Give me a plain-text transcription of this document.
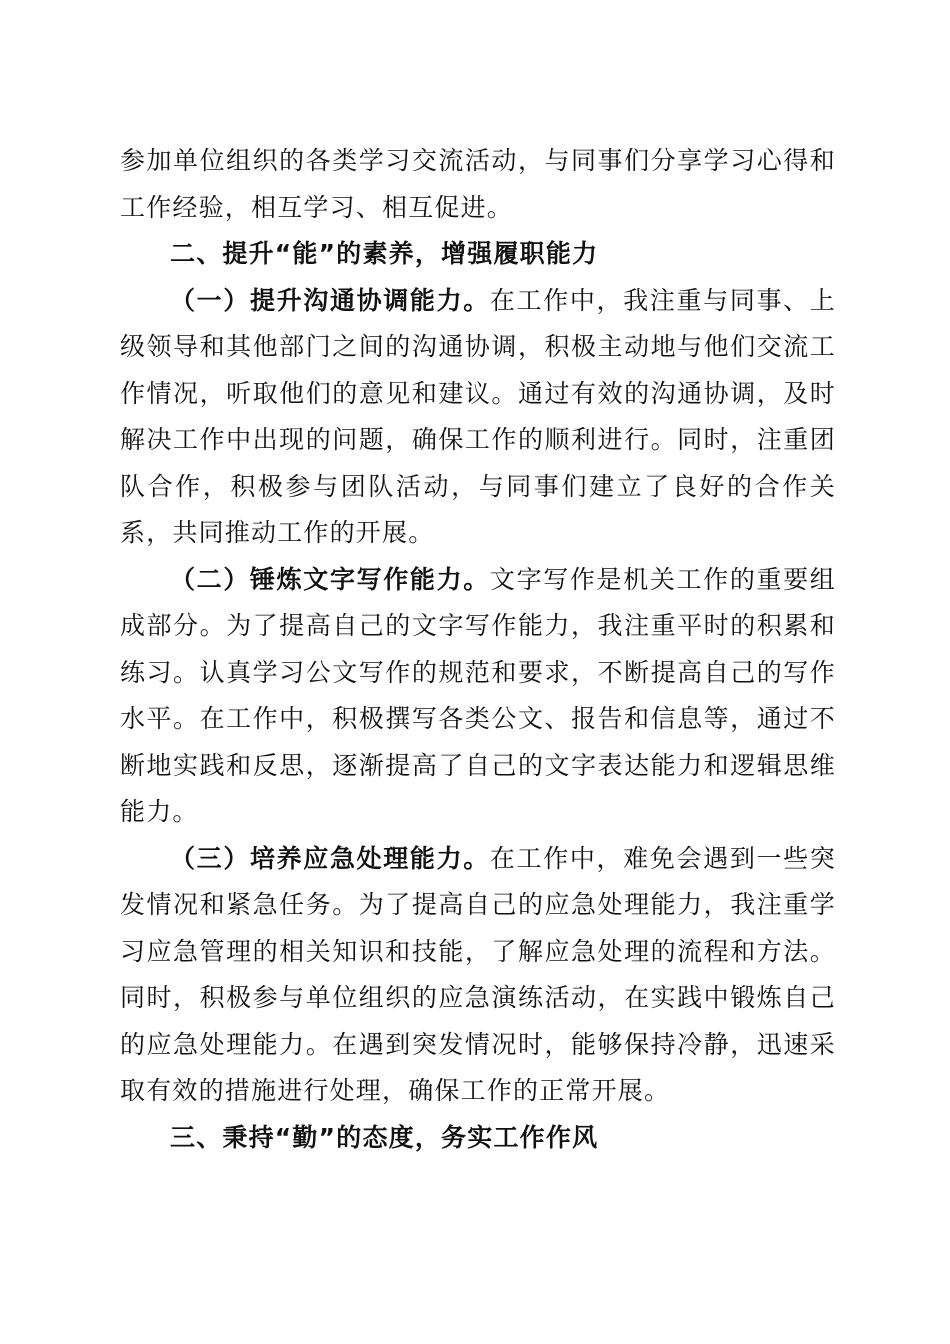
参加单位组织的各类学习交流活动，与同事们分享学习心得和工作经验，相互学习、相互促进。

二、提升“能”的素养，增强履职能力

（一）提升沟通协调能力。在工作中，我注重与同事、上级领导和其他部门之间的沟通协调，积极主动地与他们交流工作情况，听取他们的意见和建议。通过有效的沟通协调，及时解决工作中出现的问题，确保工作的顺利进行。同时，注重团队合作，积极参与团队活动，与同事们建立了良好的合作关系，共同推动工作的开展。

（二）锤炼文字写作能力。文字写作是机关工作的重要组成部分。为了提高自己的文字写作能力，我注重平时的积累和练习。认真学习公文写作的规范和要求，不断提高自己的写作水平。在工作中，积极撰写各类公文、报告和信息等，通过不断地实践和反思，逐渐提高了自己的文字表达能力和逻辑思维能力。

（三）培养应急处理能力。在工作中，难免会遇到一些突发情况和紧急任务。为了提高自己的应急处理能力，我注重学习应急管理的相关知识和技能，了解应急处理的流程和方法。同时，积极参与单位组织的应急演练活动，在实践中锻炼自己的应急处理能力。在遇到突发情况时，能够保持冷静，迅速采取有效的措施进行处理，确保工作的正常开展。

三、秉持“勤”的态度，务实工作作风
